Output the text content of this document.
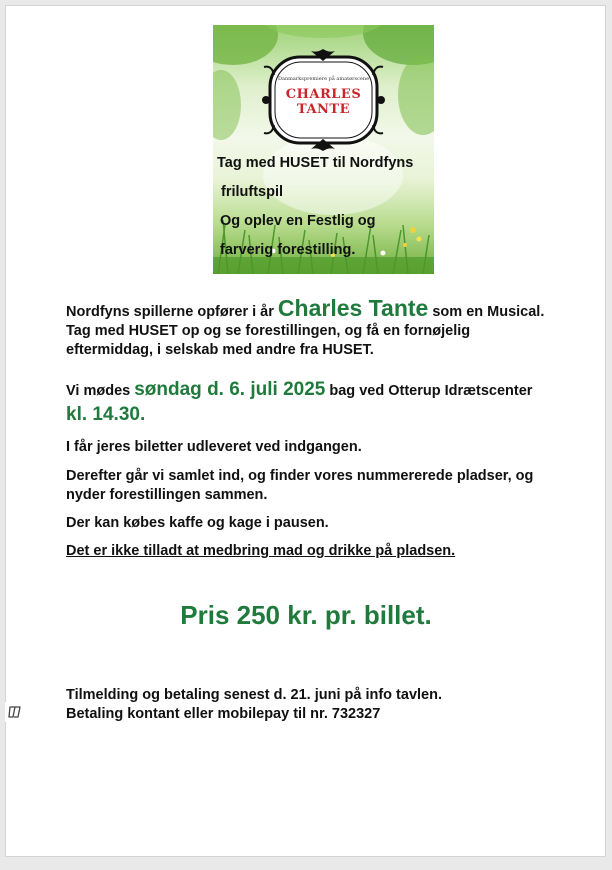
Danmarkspremiere på amatørscene
CHARLES TANTE
Tag med HUSET til Nordfyns
friluftspil
Og oplev en Festlig og
farverig forestilling.
Nordfyns spillerne opfører i år Charles Tante som en Musical. Tag med HUSET op og se forestillingen, og få en fornøjelig eftermiddag, i selskab med andre fra HUSET.
Vi mødes søndag d. 6. juli 2025 bag ved Otterup Idrætscenter kl. 14.30.
I får jeres biletter udleveret ved indgangen.
Derefter går vi samlet ind, og finder vores nummererede pladser, og nyder forestillingen sammen.
Der kan købes kaffe og kage i pausen.
Det er ikke tilladt at medbring mad og drikke på pladsen.
Pris 250 kr. pr. billet.
Tilmelding og betaling senest d. 21. juni på info tavlen.
Betaling kontant eller mobilepay til nr. 732327
